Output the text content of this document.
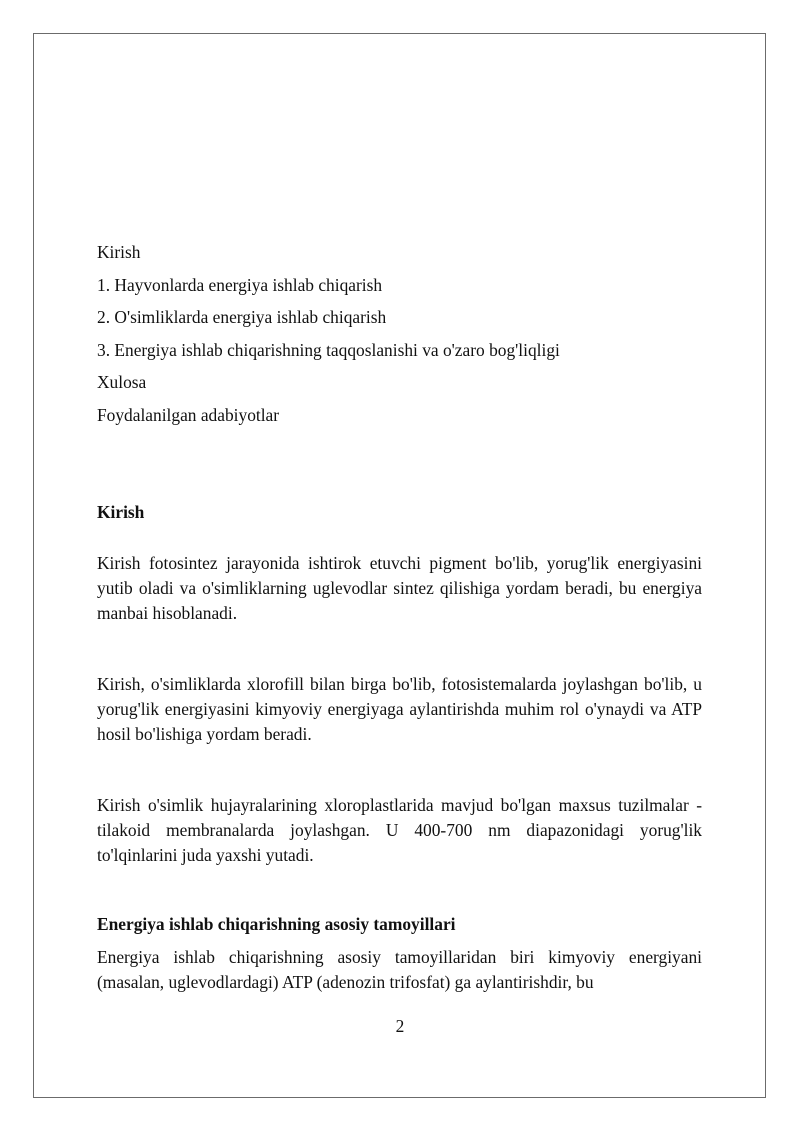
Kirish
1. Hayvonlarda energiya ishlab chiqarish
2. O'simliklarda energiya ishlab chiqarish
3. Energiya ishlab chiqarishning taqqoslanishi va o'zaro bog'liqligi
Xulosa
Foydalanilgan adabiyotlar
Kirish
Kirish fotosintez jarayonida ishtirok etuvchi pigment bo'lib, yorug'lik energiyasini yutib oladi va o'simliklarning uglevodlar sintez qilishiga yordam beradi, bu energiya manbai hisoblanadi.
Kirish, o'simliklarda xlorofill bilan birga bo'lib, fotosistemalarda joylashgan bo'lib, u yorug'lik energiyasini kimyoviy energiyaga aylantirishda muhim rol o'ynaydi va ATP hosil bo'lishiga yordam beradi.
Kirish o'simlik hujayralarining xloroplastlarida mavjud bo'lgan maxsus tuzilmalar - tilakoid membranalarda joylashgan. U 400-700 nm diapazonidagi yorug'lik to'lqinlarini juda yaxshi yutadi.
Energiya ishlab chiqarishning asosiy tamoyillari
Energiya ishlab chiqarishning asosiy tamoyillaridan biri kimyoviy energiyani (masalan, uglevodlardagi) ATP (adenozin trifosfat) ga aylantirishdir, bu
2
